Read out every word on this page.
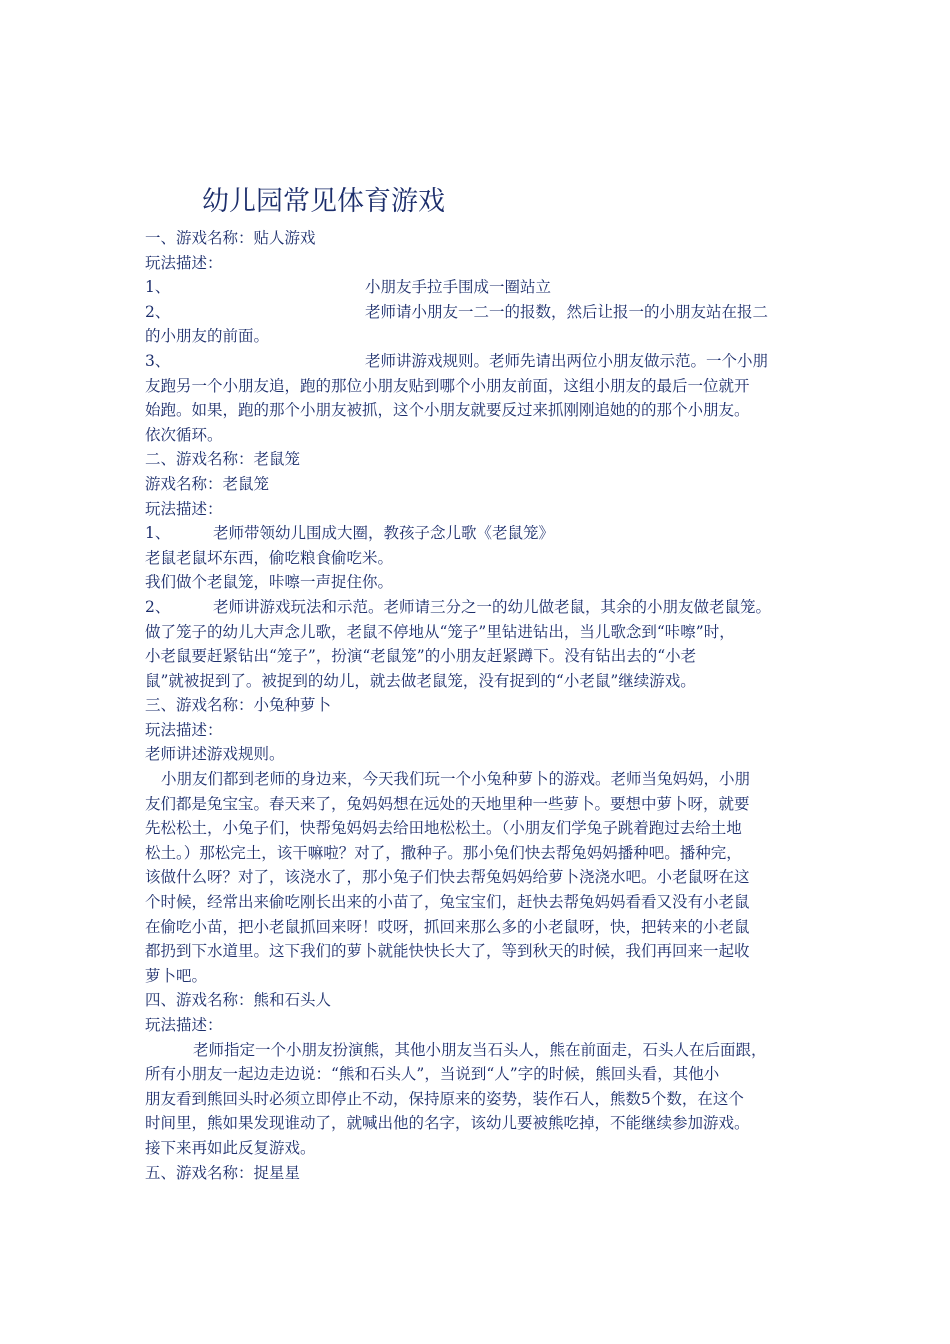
幼儿园常见体育游戏
一、游戏名称：贴人游戏
玩法描述：
1、	小朋友手拉手围成一圈站立
2、	老师请小朋友一二一的报数，然后让报一的小朋友站在报二
的小朋友的前面。
3、	老师讲游戏规则。老师先请出两位小朋友做示范。一个小朋
友跑另一个小朋友追，跑的那位小朋友贴到哪个小朋友前面，这组小朋友的最后一位就开
始跑。如果，跑的那个小朋友被抓，这个小朋友就要反过来抓刚刚追她的的那个小朋友。
依次循环。
二、游戏名称：老鼠笼
游戏名称：老鼠笼
玩法描述：
1、	老师带领幼儿围成大圈，教孩子念儿歌《老鼠笼》
老鼠老鼠坏东西，偷吃粮食偷吃米。
我们做个老鼠笼，咔嚓一声捉住你。
2、	老师讲游戏玩法和示范。老师请三分之一的幼儿做老鼠，其余的小朋友做老鼠笼。
做了笼子的幼儿大声念儿歌，老鼠不停地从“笼子”里钻进钻出，当儿歌念到“咔嚓”时，
小老鼠要赶紧钻出“笼子”，扮演“老鼠笼”的小朋友赶紧蹲下。没有钻出去的“小老
鼠”就被捉到了。被捉到的幼儿，就去做老鼠笼，没有捉到的“小老鼠”继续游戏。
三、游戏名称：小兔种萝卜
玩法描述：
老师讲述游戏规则。
小朋友们都到老师的身边来，今天我们玩一个小兔种萝卜的游戏。老师当兔妈妈，小朋
友们都是兔宝宝。春天来了，兔妈妈想在远处的天地里种一些萝卜。要想中萝卜呀，就要
先松松土，小兔子们，快帮兔妈妈去给田地松松土。（小朋友们学兔子跳着跑过去给土地
松土。）那松完土，该干嘛啦？对了，撒种子。那小兔们快去帮兔妈妈播种吧。播种完，
该做什么呀？对了，该浇水了，那小兔子们快去帮兔妈妈给萝卜浇浇水吧。小老鼠呀在这
个时候，经常出来偷吃刚长出来的小苗了，兔宝宝们，赶快去帮兔妈妈看看又没有小老鼠
在偷吃小苗，把小老鼠抓回来呀！哎呀，抓回来那么多的小老鼠呀，快，把转来的小老鼠
都扔到下水道里。这下我们的萝卜就能快快长大了，等到秋天的时候，我们再回来一起收
萝卜吧。
四、游戏名称：熊和石头人
玩法描述：
老师指定一个小朋友扮演熊，其他小朋友当石头人，熊在前面走，石头人在后面跟，
所有小朋友一起边走边说：“熊和石头人”，当说到“人”字的时候，熊回头看，其他小
朋友看到熊回头时必须立即停止不动，保持原来的姿势，装作石人，熊数5个数，在这个
时间里，熊如果发现谁动了，就喊出他的名字，该幼儿要被熊吃掉，不能继续参加游戏。
接下来再如此反复游戏。
五、游戏名称：捉星星
